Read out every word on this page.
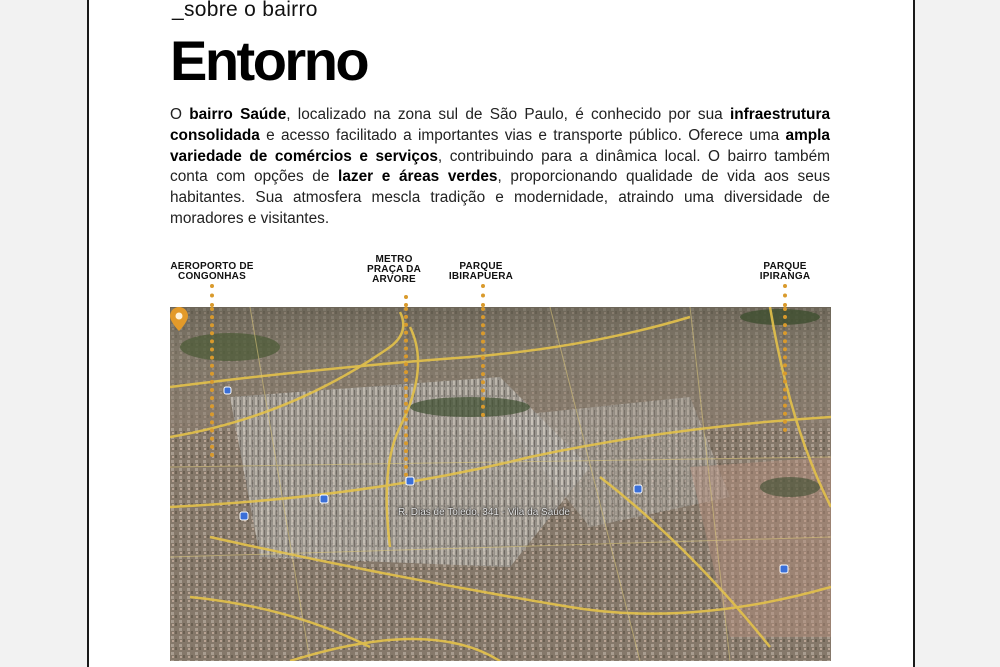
_sobre o bairro
Entorno

O bairro Saúde, localizado na zona sul de São Paulo, é conhecido por sua infraestrutura consolidada e acesso facilitado a importantes vias e transporte público. Oferece uma ampla variedade de comércios e serviços, contribuindo para a dinâmica local. O bairro também conta com opções de lazer e áreas verdes, proporcionando qualidade de vida aos seus habitantes. Sua atmosfera mescla tradição e modernidade, atraindo uma diversidade de moradores e visitantes.

AEROPORTO DE
CONGONHAS
METRO
PRAÇA DA
ARVORE
PARQUE
IBIRAPUERA
PARQUE
IPIRANGA
R. Dias de Toledo, 341 - Vila da Saúde
